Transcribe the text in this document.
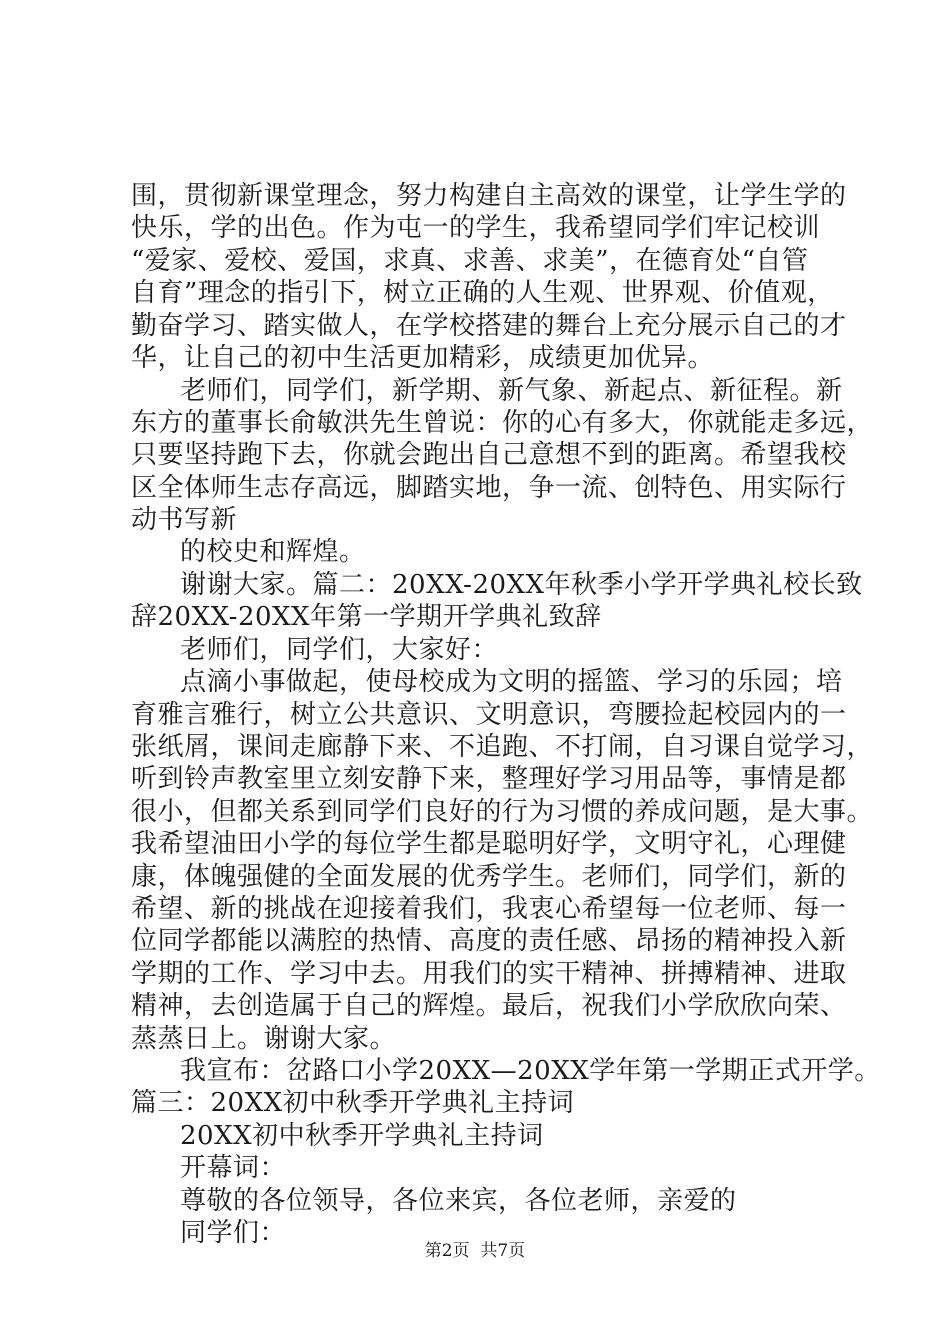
围，贯彻新课堂理念，努力构建自主高效的课堂，让学生学的
快乐，学的出色。作为屯一的学生，我希望同学们牢记校训
“爱家、爱校、爱国，求真、求善、求美”，在德育处“自管
自育”理念的指引下，树立正确的人生观、世界观、价值观，
勤奋学习、踏实做人，在学校搭建的舞台上充分展示自己的才
华，让自己的初中生活更加精彩，成绩更加优异。
老师们，同学们，新学期、新气象、新起点、新征程。新
东方的董事长俞敏洪先生曾说：你的心有多大，你就能走多远，
只要坚持跑下去，你就会跑出自己意想不到的距离。希望我校
区全体师生志存高远，脚踏实地，争一流、创特色、用实际行
动书写新
的校史和辉煌。
谢谢大家。篇二：20XX-20XX年秋季小学开学典礼校长致
辞20XX-20XX年第一学期开学典礼致辞
老师们，同学们，大家好：
点滴小事做起，使母校成为文明的摇篮、学习的乐园；培
育雅言雅行，树立公共意识、文明意识，弯腰捡起校园内的一
张纸屑，课间走廊静下来、不追跑、不打闹，自习课自觉学习，
听到铃声教室里立刻安静下来，整理好学习用品等，事情是都
很小，但都关系到同学们良好的行为习惯的养成问题，是大事。
我希望油田小学的每位学生都是聪明好学，文明守礼，心理健
康，体魄强健的全面发展的优秀学生。老师们，同学们，新的
希望、新的挑战在迎接着我们，我衷心希望每一位老师、每一
位同学都能以满腔的热情、高度的责任感、昂扬的精神投入新
学期的工作、学习中去。用我们的实干精神、拼搏精神、进取
精神，去创造属于自己的辉煌。最后，祝我们小学欣欣向荣、
蒸蒸日上。谢谢大家。
我宣布：岔路口小学20XX—20XX学年第一学期正式开学。
篇三：20XX初中秋季开学典礼主持词
20XX初中秋季开学典礼主持词
开幕词：
尊敬的各位领导，各位来宾，各位老师，亲爱的
同学们：
第2页  共7页
